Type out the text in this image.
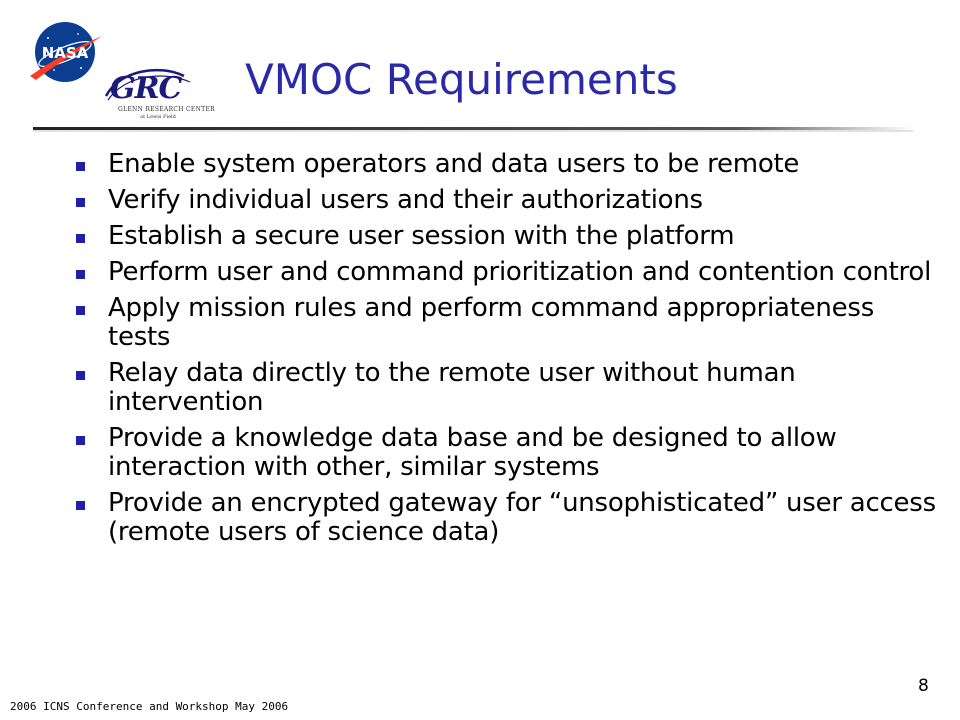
NASA
GRC
GLENN RESEARCH CENTER
at Lewis Field
VMOC Requirements
Enable system operators and data users to be remote
Verify individual users and their authorizations
Establish a secure user session with the platform
Perform user and command prioritization and contention control
Apply mission rules and perform command appropriateness tests
Relay data directly to the remote user without human intervention
Provide a knowledge data base and be designed to allow interaction with other, similar systems
Provide an encrypted gateway for “unsophisticated” user access (remote users of science data)
2006 ICNS Conference and Workshop May 2006
8
